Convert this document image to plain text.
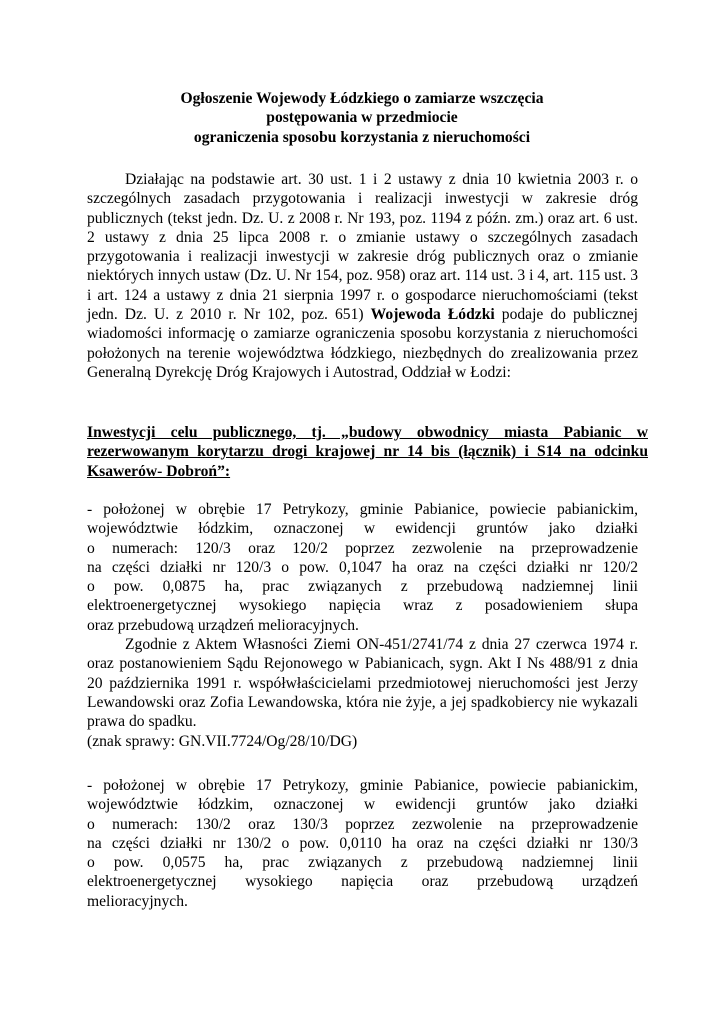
Ogłoszenie Wojewody Łódzkiego o zamiarze wszczęcia
postępowania w przedmiocie
ograniczenia sposobu korzystania z nieruchomości

Działając na podstawie art. 30 ust. 1 i 2 ustawy z dnia 10 kwietnia 2003 r. o szczególnych zasadach przygotowania i realizacji inwestycji w zakresie dróg publicznych (tekst jedn. Dz. U. z 2008 r. Nr 193, poz. 1194 z późn. zm.) oraz art. 6 ust. 2 ustawy z dnia 25 lipca 2008 r. o zmianie ustawy o szczególnych zasadach przygotowania i realizacji inwestycji w zakresie dróg publicznych oraz o zmianie niektórych innych ustaw (Dz. U. Nr 154, poz. 958) oraz art. 114 ust. 3 i 4, art. 115 ust. 3 i art. 124 a ustawy z dnia 21 sierpnia 1997 r. o gospodarce nieruchomościami (tekst jedn. Dz. U. z 2010 r. Nr 102, poz. 651) Wojewoda Łódzki podaje do publicznej wiadomości informację o zamiarze ograniczenia sposobu korzystania z nieruchomości położonych na terenie województwa łódzkiego, niezbędnych do zrealizowania przez Generalną Dyrekcję Dróg Krajowych i Autostrad, Oddział w Łodzi:

Inwestycji celu publicznego, tj. „budowy obwodnicy miasta Pabianic w rezerwowanym korytarzu drogi krajowej nr 14 bis (łącznik) i S14 na odcinku Ksawerów- Dobroń”:
- położonej w obrębie 17 Petrykozy, gminie Pabianice, powiecie pabianickim,
województwie łódzkim, oznaczonej w ewidencji gruntów jako działki
o numerach: 120/3 oraz 120/2 poprzez zezwolenie na przeprowadzenie
na części działki nr 120/3 o pow. 0,1047 ha oraz na części działki nr 120/2
o pow. 0,0875 ha, prac związanych z przebudową nadziemnej linii
elektroenergetycznej wysokiego napięcia wraz z posadowieniem słupa
oraz przebudową urządzeń melioracyjnych.

Zgodnie z Aktem Własności Ziemi ON-451/2741/74 z dnia 27 czerwca 1974 r. oraz postanowieniem Sądu Rejonowego w Pabianicach, sygn. Akt I Ns 488/91 z dnia 20 października 1991 r. współwłaścicielami przedmiotowej nieruchomości jest Jerzy Lewandowski oraz Zofia Lewandowska, która nie żyje, a jej spadkobiercy nie wykazali prawa do spadku.

(znak sprawy: GN.VII.7724/Og/28/10/DG)

- położonej w obrębie 17 Petrykozy, gminie Pabianice, powiecie pabianickim,
województwie łódzkim, oznaczonej w ewidencji gruntów jako działki
o numerach: 130/2 oraz 130/3 poprzez zezwolenie na przeprowadzenie
na części działki nr 130/2 o pow. 0,0110 ha oraz na części działki nr 130/3
o pow. 0,0575 ha, prac związanych z przebudową nadziemnej linii
elektroenergetycznej wysokiego napięcia oraz przebudową urządzeń
melioracyjnych.
